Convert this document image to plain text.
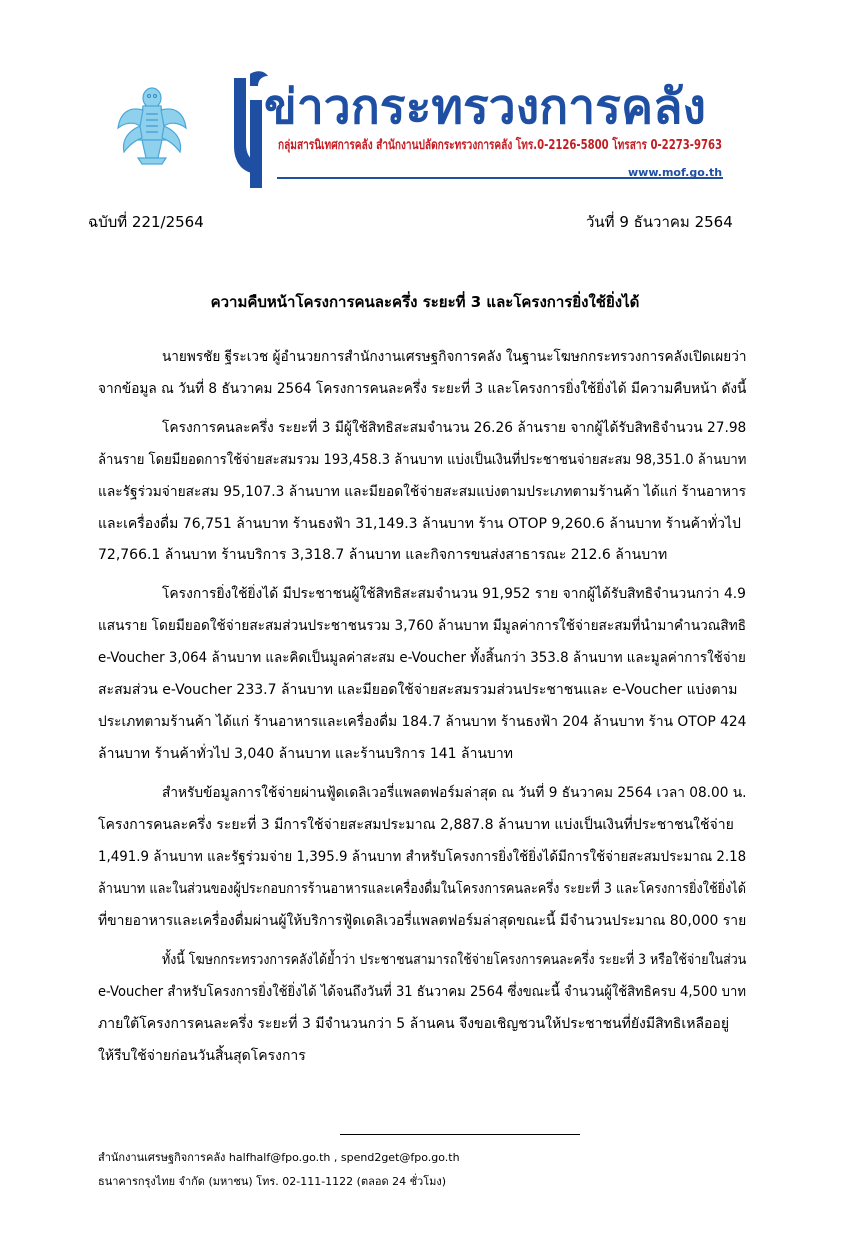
ข่าวกระทรวงการคลัง
กลุ่มสารนิเทศการคลัง สำนักงานปลัดกระทรวงการคลัง โทร.0-2126-5800 โทรสาร 0-2273-9763
www.mof.go.th
ฉบับที่ 221/2564	วันที่ 9 ธันวาคม 2564
ความคืบหน้าโครงการคนละครึ่ง ระยะที่ 3 และโครงการยิ่งใช้ยิ่งได้
นายพรชัย ฐีระเวช ผู้อำนวยการสำนักงานเศรษฐกิจการคลัง ในฐานะโฆษกกระทรวงการคลังเปิดเผยว่า
จากข้อมูล ณ วันที่ 8 ธันวาคม 2564 โครงการคนละครึ่ง ระยะที่ 3 และโครงการยิ่งใช้ยิ่งได้ มีความคืบหน้า ดังนี้
โครงการคนละครึ่ง ระยะที่ 3 มีผู้ใช้สิทธิสะสมจำนวน 26.26 ล้านราย จากผู้ได้รับสิทธิจำนวน 27.98
ล้านราย โดยมียอดการใช้จ่ายสะสมรวม 193,458.3 ล้านบาท แบ่งเป็นเงินที่ประชาชนจ่ายสะสม 98,351.0 ล้านบาท
และรัฐร่วมจ่ายสะสม 95,107.3 ล้านบาท และมียอดใช้จ่ายสะสมแบ่งตามประเภทตามร้านค้า ได้แก่ ร้านอาหาร
และเครื่องดื่ม 76,751 ล้านบาท ร้านธงฟ้า 31,149.3 ล้านบาท ร้าน OTOP 9,260.6 ล้านบาท ร้านค้าทั่วไป
72,766.1 ล้านบาท ร้านบริการ 3,318.7 ล้านบาท และกิจการขนส่งสาธารณะ 212.6 ล้านบาท
โครงการยิ่งใช้ยิ่งได้ มีประชาชนผู้ใช้สิทธิสะสมจำนวน 91,952 ราย จากผู้ได้รับสิทธิจำนวนกว่า 4.9
แสนราย โดยมียอดใช้จ่ายสะสมส่วนประชาชนรวม 3,760 ล้านบาท มีมูลค่าการใช้จ่ายสะสมที่นำมาคำนวณสิทธิ
e-Voucher 3,064 ล้านบาท และคิดเป็นมูลค่าสะสม e-Voucher ทั้งสิ้นกว่า 353.8 ล้านบาท และมูลค่าการใช้จ่าย
สะสมส่วน e-Voucher 233.7 ล้านบาท และมียอดใช้จ่ายสะสมรวมส่วนประชาชนและ e-Voucher แบ่งตาม
ประเภทตามร้านค้า ได้แก่ ร้านอาหารและเครื่องดื่ม 184.7 ล้านบาท ร้านธงฟ้า 204 ล้านบาท ร้าน OTOP 424
ล้านบาท ร้านค้าทั่วไป 3,040 ล้านบาท และร้านบริการ 141 ล้านบาท
สำหรับข้อมูลการใช้จ่ายผ่านฟู้ดเดลิเวอรี่แพลตฟอร์มล่าสุด ณ วันที่ 9 ธันวาคม 2564 เวลา 08.00 น.
โครงการคนละครึ่ง ระยะที่ 3 มีการใช้จ่ายสะสมประมาณ 2,887.8 ล้านบาท แบ่งเป็นเงินที่ประชาชนใช้จ่าย
1,491.9 ล้านบาท และรัฐร่วมจ่าย 1,395.9 ล้านบาท สำหรับโครงการยิ่งใช้ยิ่งได้มีการใช้จ่ายสะสมประมาณ 2.18
ล้านบาท และในส่วนของผู้ประกอบการร้านอาหารและเครื่องดื่มในโครงการคนละครึ่ง ระยะที่ 3 และโครงการยิ่งใช้ยิ่งได้
ที่ขายอาหารและเครื่องดื่มผ่านผู้ให้บริการฟู้ดเดลิเวอรี่แพลตฟอร์มล่าสุดขณะนี้ มีจำนวนประมาณ 80,000 ราย
ทั้งนี้ โฆษกกระทรวงการคลังได้ย้ำว่า ประชาชนสามารถใช้จ่ายโครงการคนละครึ่ง ระยะที่ 3 หรือใช้จ่ายในส่วน
e-Voucher สำหรับโครงการยิ่งใช้ยิ่งได้ ได้จนถึงวันที่ 31 ธันวาคม 2564 ซึ่งขณะนี้ จำนวนผู้ใช้สิทธิครบ 4,500 บาท
ภายใต้โครงการคนละครึ่ง ระยะที่ 3 มีจำนวนกว่า 5 ล้านคน จึงขอเชิญชวนให้ประชาชนที่ยังมีสิทธิเหลืออยู่
ให้รีบใช้จ่ายก่อนวันสิ้นสุดโครงการ
สำนักงานเศรษฐกิจการคลัง halfhalf@fpo.go.th , spend2get@fpo.go.th
ธนาคารกรุงไทย จำกัด (มหาชน) โทร. 02-111-1122 (ตลอด 24 ชั่วโมง)
